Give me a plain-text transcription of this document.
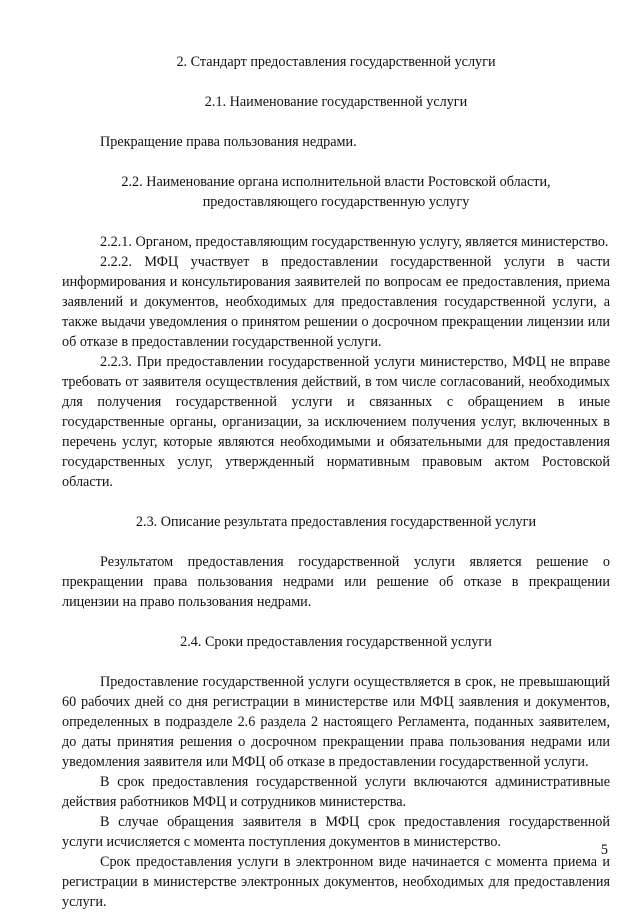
2. Стандарт предоставления государственной услуги

2.1. Наименование государственной услуги

Прекращение права пользования недрами.

2.2. Наименование органа исполнительной власти Ростовской области,
предоставляющего государственную услугу

2.2.1. Органом, предоставляющим государственную услугу, является министерство.

2.2.2. МФЦ участвует в предоставлении государственной услуги в части информирования и консультирования заявителей по вопросам ее предоставления, приема заявлений и документов, необходимых для предоставления государственной услуги, а также выдачи уведомления о принятом решении о досрочном прекращении лицензии или об отказе в предоставлении государственной услуги.

2.2.3. При предоставлении государственной услуги министерство, МФЦ не вправе требовать от заявителя осуществления действий, в том числе согласований, необходимых для получения государственной услуги и связанных с обращением в иные государственные органы, организации, за исключением получения услуг, включенных в перечень услуг, которые являются необходимыми и обязательными для предоставления государственных услуг, утвержденный нормативным правовым актом Ростовской области.

2.3. Описание результата предоставления государственной услуги

Результатом предоставления государственной услуги является решение о прекращении права пользования недрами или решение об отказе в прекращении лицензии на право пользования недрами.

2.4. Сроки предоставления государственной услуги

Предоставление государственной услуги осуществляется в срок, не превышающий 60 рабочих дней со дня регистрации в министерстве или МФЦ заявления и документов, определенных в подразделе 2.6 раздела 2 настоящего Регламента, поданных заявителем, до даты принятия решения о досрочном прекращении права пользования недрами или уведомления заявителя или МФЦ об отказе в предоставлении государственной услуги.

В срок предоставления государственной услуги включаются административные действия работников МФЦ и сотрудников министерства.

В случае обращения заявителя в МФЦ срок предоставления государственной услуги исчисляется с момента поступления документов в министерство.

Срок предоставления услуги в электронном виде начинается с момента приема и регистрации в министерстве электронных документов, необходимых для предоставления услуги.

5
